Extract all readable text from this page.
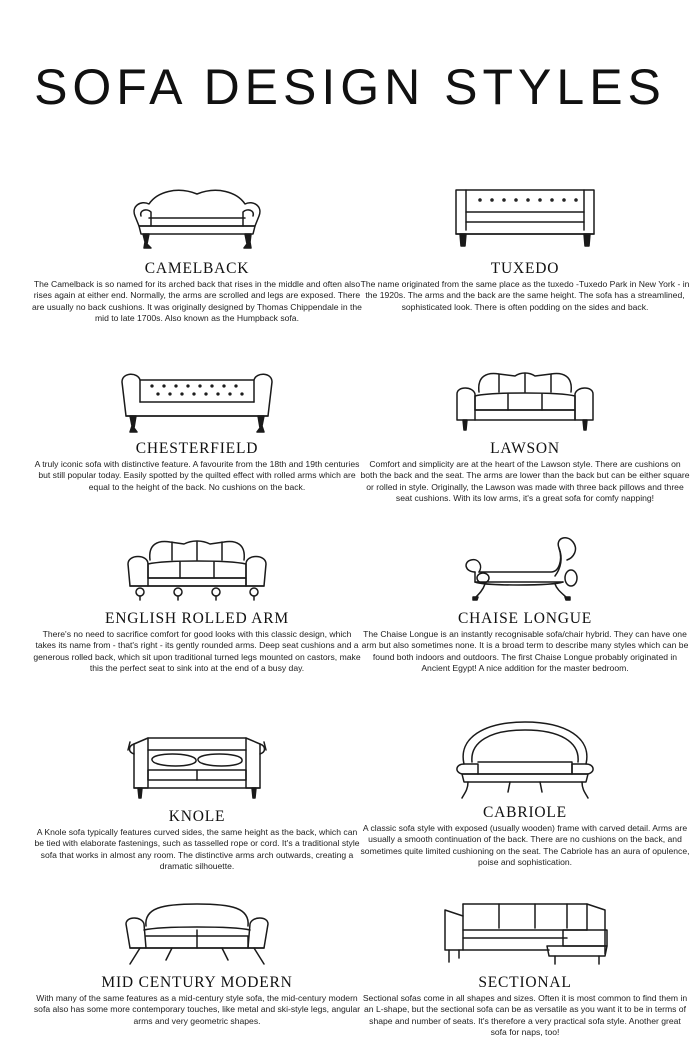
SOFA DESIGN STYLES
CAMELBACK
The Camelback is so named for its arched back that rises in the middle and often also rises again at either end. Normally, the arms are scrolled and legs are exposed. There are usually no back cushions. It was originally designed by Thomas Chippendale in the mid to late 1700s. Also known as the Humpback sofa.
TUXEDO
The name originated from the same place as the tuxedo -Tuxedo Park in New York - in the 1920s. The arms and the back are the same height. The sofa has a streamlined, sophisticated look. There is often podding on the sides and back.
CHESTERFIELD
A truly iconic sofa with distinctive feature. A favourite from the 18th and 19th centuries but still popular today. Easily spotted by the quilted effect with rolled arms which are equal to the height of the back. No cushions on the back.
LAWSON
Comfort and simplicity are at the heart of the Lawson style. There are cushions on both the back and the seat. The arms are lower than the back but can be either square or rolled in style. Originally, the Lawson was made with three back pillows and three seat cushions. With its low arms, it's a great sofa for comfy napping!
ENGLISH ROLLED ARM
There's no need to sacrifice comfort for good looks with this classic design, which takes its name from - that's right - its gently rounded arms. Deep seat cushions and a generous rolled back, which sit upon traditional turned legs mounted on castors, make this the perfect seat to sink into at the end of a busy day.
CHAISE LONGUE
The Chaise Longue is an instantly recognisable sofa/chair hybrid. They can have one arm but also sometimes none. It is a broad term to describe many styles which can be found both indoors and outdoors. The first Chaise Longue probably originated in Ancient Egypt! A nice addition for the master bedroom.
KNOLE
A Knole sofa typically features curved sides, the same height as the back, which can be tied with elaborate fastenings, such as tasselled rope or cord. It's a traditional style sofa that works in almost any room. The distinctive arms arch outwards, creating a dramatic silhouette.
CABRIOLE
A classic sofa style with exposed (usually wooden) frame with carved detail. Arms are usually a smooth continuation of the back. There are no cushions on the back, and sometimes quite limited cushioning on the seat. The Cabriole has an aura of opulence, poise and sophistication.
MID CENTURY MODERN
With many of the same features as a mid-century style sofa, the mid-century modern sofa also has some more contemporary touches, like metal and ski-style legs, angular arms and very geometric shapes.
SECTIONAL
Sectional sofas come in all shapes and sizes. Often it is most common to find them in an L-shape, but the sectional sofa can be as versatile as you want it to be in terms of shape and number of seats. It's therefore a very practical sofa style. Another great sofa for naps, too!
